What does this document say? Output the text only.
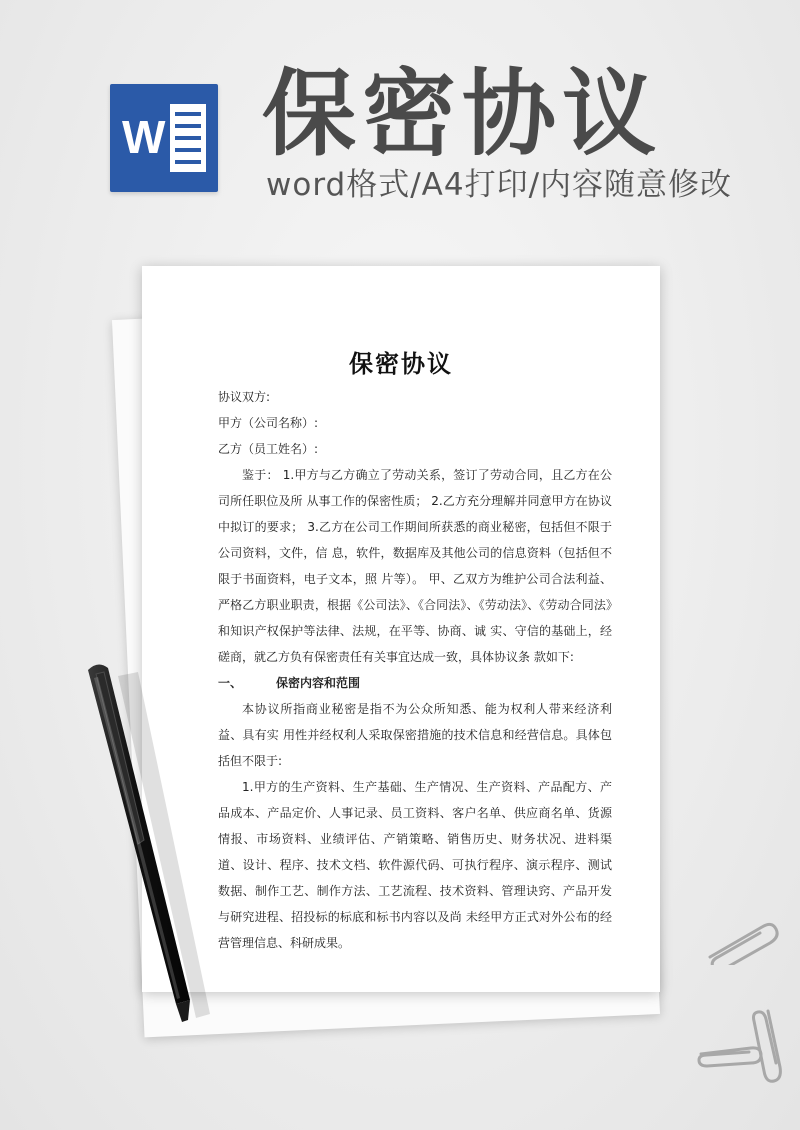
W 保密协议
word格式/A4打印/内容随意修改
保密协议

协议双方:

甲方（公司名称）:

乙方（员工姓名）:

鉴于： 1.甲方与乙方确立了劳动关系，签订了劳动合同，且乙方在公司所任职位及所 从事工作的保密性质； 2.乙方充分理解并同意甲方在协议中拟订的要求； 3.乙方在公司工作期间所获悉的商业秘密，包括但不限于公司资料，文件，信 息，软件，数据库及其他公司的信息资料（包括但不限于书面资料，电子文本，照 片等）。 甲、乙双方为维护公司合法利益、严格乙方职业职责，根据《公司法》、《合同法》、《劳动法》、《劳动合同法》和知识产权保护等法律、法规，在平等、协商、诚 实、守信的基础上，经磋商，就乙方负有保密责任有关事宜达成一致，具体协议条 款如下:

一、	保密内容和范围

本协议所指商业秘密是指不为公众所知悉、能为权利人带来经济利益、具有实 用性并经权利人采取保密措施的技术信息和经营信息。具体包括但不限于:

1.甲方的生产资料、生产基础、生产情况、生产资料、产品配方、产品成本、产品定价、人事记录、员工资料、客户名单、供应商名单、货源情报、市场资料、业绩评估、产销策略、销售历史、财务状况、进料渠道、设计、程序、技术文档、软件源代码、可执行程序、演示程序、测试数据、制作工艺、制作方法、工艺流程、技术资料、管理诀窍、产品开发与研究进程、招投标的标底和标书内容以及尚 未经甲方正式对外公布的经营管理信息、科研成果。
